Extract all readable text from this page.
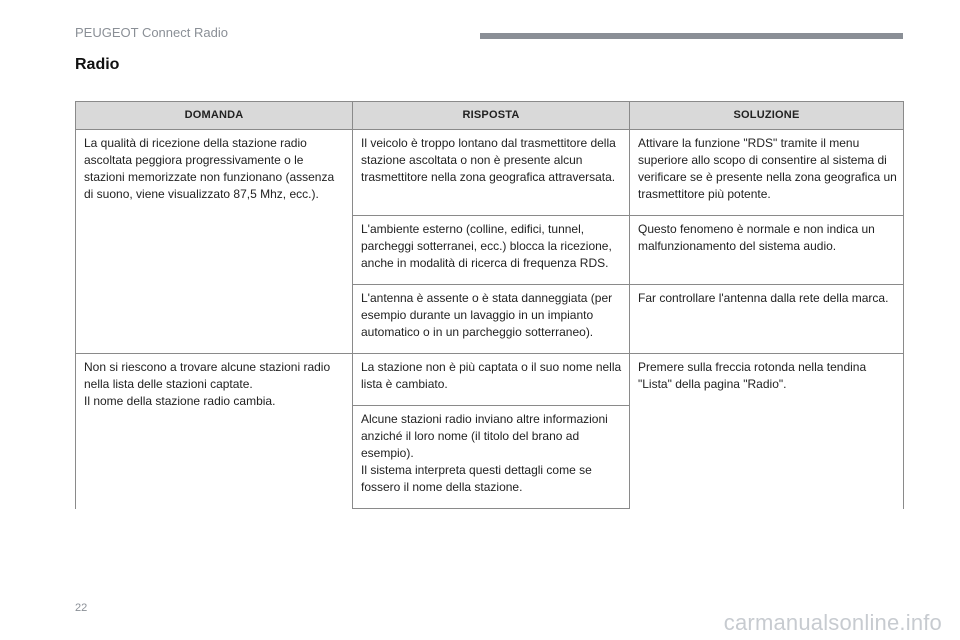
PEUGEOT Connect Radio
Radio
DOMANDA	RISPOSTA	SOLUZIONE

La qualità di ricezione della stazione radio ascoltata peggiora progressivamente o le stazioni memorizzate non funzionano (assenza di suono, viene visualizzato 87,5 Mhz, ecc.).	Il veicolo è troppo lontano dal trasmettitore della stazione ascoltata o non è presente alcun trasmettitore nella zona geografica attraversata.	Attivare la funzione "RDS" tramite il menu superiore allo scopo di consentire al sistema di verificare se è presente nella zona geografica un trasmettitore più potente.

	L'ambiente esterno (colline, edifici, tunnel, parcheggi sotterranei, ecc.) blocca la ricezione, anche in modalità di ricerca di frequenza RDS.	Questo fenomeno è normale e non indica un malfunzionamento del sistema audio.

	L'antenna è assente o è stata danneggiata (per esempio durante un lavaggio in un impianto automatico o in un parcheggio sotterraneo).	Far controllare l'antenna dalla rete della marca.

Non si riescono a trovare alcune stazioni radio nella lista delle stazioni captate.
Il nome della stazione radio cambia.	La stazione non è più captata o il suo nome nella lista è cambiato.	Premere sulla freccia rotonda nella tendina "Lista" della pagina "Radio".

	Alcune stazioni radio inviano altre informazioni anziché il loro nome (il titolo del brano ad esempio).
Il sistema interpreta questi dettagli come se fossero il nome della stazione.	
22
carmanualsonline.info
